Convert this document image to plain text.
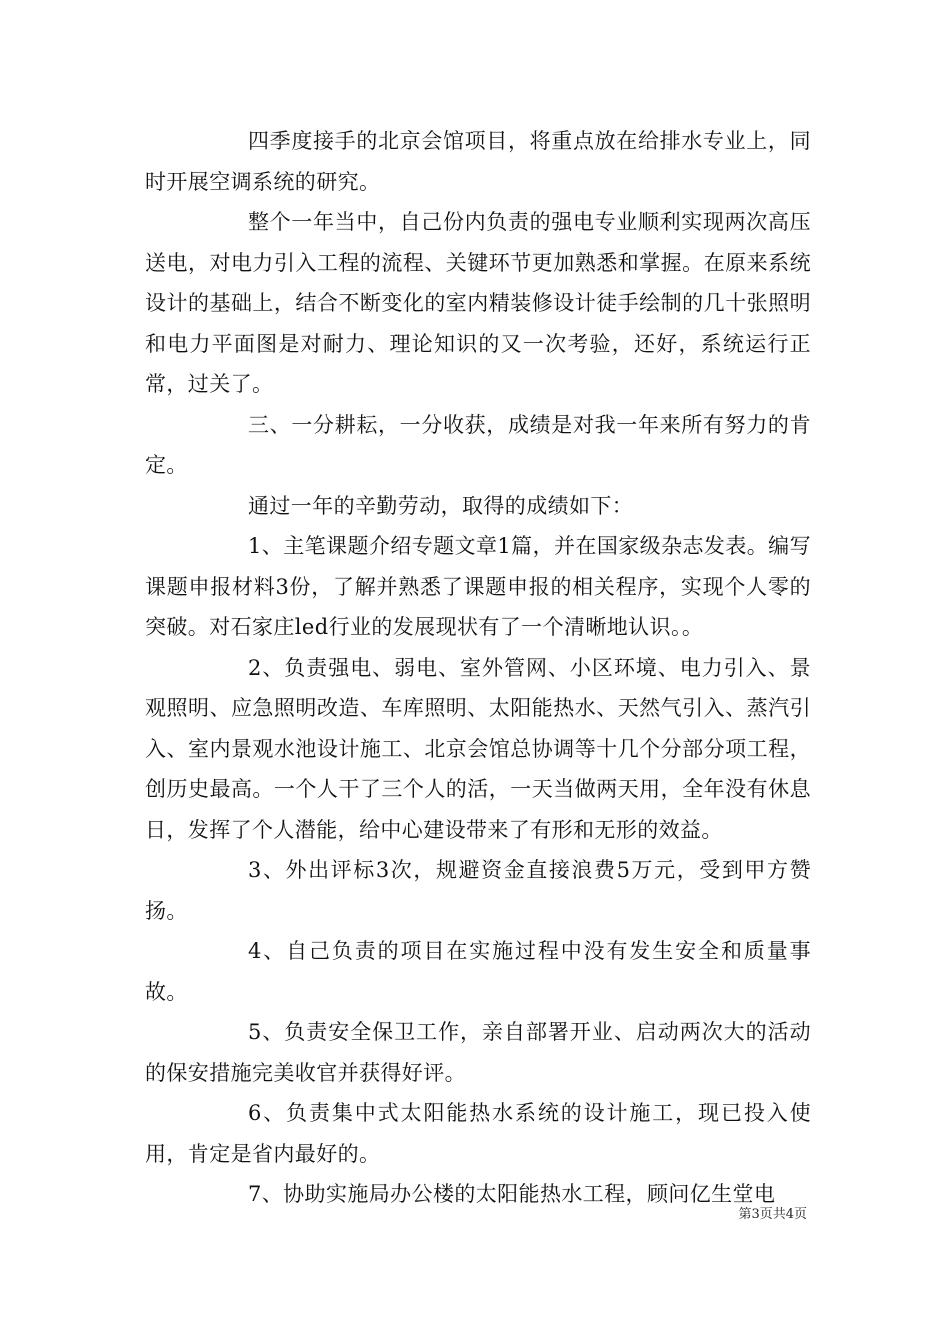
四季度接手的北京会馆项目，将重点放在给排水专业上，同时开展空调系统的研究。

整个一年当中，自己份内负责的强电专业顺利实现两次高压送电，对电力引入工程的流程、关键环节更加熟悉和掌握。在原来系统设计的基础上，结合不断变化的室内精装修设计徒手绘制的几十张照明和电力平面图是对耐力、理论知识的又一次考验，还好，系统运行正常，过关了。

三、一分耕耘，一分收获，成绩是对我一年来所有努力的肯定。

通过一年的辛勤劳动，取得的成绩如下：

1、主笔课题介绍专题文章1篇，并在国家级杂志发表。编写课题申报材料3份，了解并熟悉了课题申报的相关程序，实现个人零的突破。对石家庄led行业的发展现状有了一个清晰地认识。。

2、负责强电、弱电、室外管网、小区环境、电力引入、景观照明、应急照明改造、车库照明、太阳能热水、天然气引入、蒸汽引入、室内景观水池设计施工、北京会馆总协调等十几个分部分项工程，创历史最高。一个人干了三个人的活，一天当做两天用，全年没有休息日，发挥了个人潜能，给中心建设带来了有形和无形的效益。

3、外出评标3次，规避资金直接浪费5万元，受到甲方赞扬。

4、自己负责的项目在实施过程中没有发生安全和质量事故。

5、负责安全保卫工作，亲自部署开业、启动两次大的活动的保安措施完美收官并获得好评。

6、负责集中式太阳能热水系统的设计施工，现已投入使用，肯定是省内最好的。

7、协助实施局办公楼的太阳能热水工程，顾问亿生堂电

第3页共4页
